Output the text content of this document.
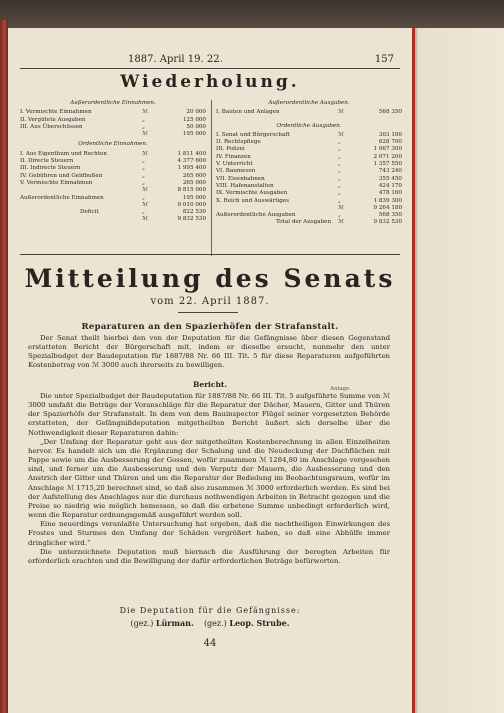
1887. April 19. 22.	157
Wiederholung.
Außerordentliche Einnahmen.
I. Vermischte Einnahmen	ℳ	20 000
II. Vergütete Ausgaben	„	125 000
III. Aus Überschüssen	„	50 000
ℳ	195 000
Ordentliche Einnahmen.
I. Aus Eigenthum und Rechten	ℳ	1 811 400
II. Directe Steuern	„	4 377 600
III. Indirecte Steuern	„	1 995 400
IV. Gebühren und Geldbußen	„	265 600
V. Vermischte Einnahmen	„	265 000
ℳ	8 815 000
Außerordentliche Einnahmen	„	195 000
ℳ	9 010 000
Deficit	„	822 530
ℳ	9 832 530
Außerordentliche Ausgaben.
I. Bauten und Anlagen	ℳ	568 350
Ordentliche Ausgaben.
I. Senat und Bürgerschaft	ℳ	303 100
II. Rechtspflege	„	628 700
III. Polizei	„	1 067 300
IV. Finanzen	„	2 071 200
V. Unterricht	„	1 357 550
VI. Baumesen	„	743 240
VII. Eisenbahnen	„	355 450
VIII. Hafenanstalten	„	424 170
IX. Vermischte Ausgaben	„	478 160
X. Reich und Auswärtiges	„	1 839 300
ℳ	9 264 180
Außerordentliche Ausgaben	„	568 350
Total der Ausgaben ℳ	9 832 530
Mitteilung des Senats
vom 22. April 1887.
Reparaturen an den Spazierhöfen der Strafanstalt.

Der Senat theilt hierbei den von der Deputation für die Gefängnisse über diesen Gegenstand erstatteten Bericht der Bürgerschaft mit, indem er dieselbe ersucht, nunmehr den unter Spezialbudget der Baudeputation für 1887/88 Nr. 66 III. Tit. 5 für diese Reparaturen aufgeführten Kostenbetrag von ℳ 3000 auch ihrerseits zu bewilligen.

Bericht.	Anlage.

Die unter Spezialbudget der Baudeputation für 1887/88 Nr. 66 III. Tit. 5 aufgeführte Summe von ℳ 3000 umfaßt die Beträge der Voranschläge für die Reparatur der Dächer, Mauern, Gitter und Thüren der Spazierhöfe der Strafanstalt. In dem von dem Bauinspector Flügel seiner vorgesetzten Behörde erstatteten, der Gefängnißdeputation mitgetheilten Bericht äußert sich derselbe über die Nothwendigkeit dieser Reparaturen dahin:

„Der Umfang der Reparatur geht aus der mitgetheilten Kostenberechnung in allen Einzelheiten hervor. Es handelt sich um die Ergänzung der Schalung und die Neudeckung der Dachflächen mit Pappe sowie um die Ausbesserung der Gossen, wofür zusammen ℳ 1284,80 im Anschlage vorgesehen sind, und ferner um die Ausbesserung und den Verputz der Mauern, die Ausbesserung und den Anstrich der Gitter und Thüren und um die Reparatur der Bedielung im Beobachtungsraum, wofür im Anschlage ℳ 1715,20 berechnet sind, so daß also zusammen ℳ 3000 erforderlich werden. Es sind bei der Aufstellung des Anschlages nur die durchaus nothwendigen Arbeiten in Betracht gezogen und die Preise so niedrig wie möglich bemessen, so daß die erbetene Summe unbedingt erforderlich wird, wenn die Reparatur ordnungsgemäß ausgeführt werden soll.

Eine neuerdings veranlaßte Untersuchung hat ergeben, daß die nachtheiligen Einwirkungen des Frostes und Sturmes den Umfang der Schäden vergrößert haben, so daß eine Abhülfe immer dringlicher wird.“

Die unterzeichnete Deputation muß hiernach die Ausführung der beregten Arbeiten für erforderlich erachten und die Bewilligung der dafür erforderlichen Beträge befürworten.

Die Deputation für die Gefängnisse:
(gez.) Lürman. (gez.) Leop. Strube.
44
